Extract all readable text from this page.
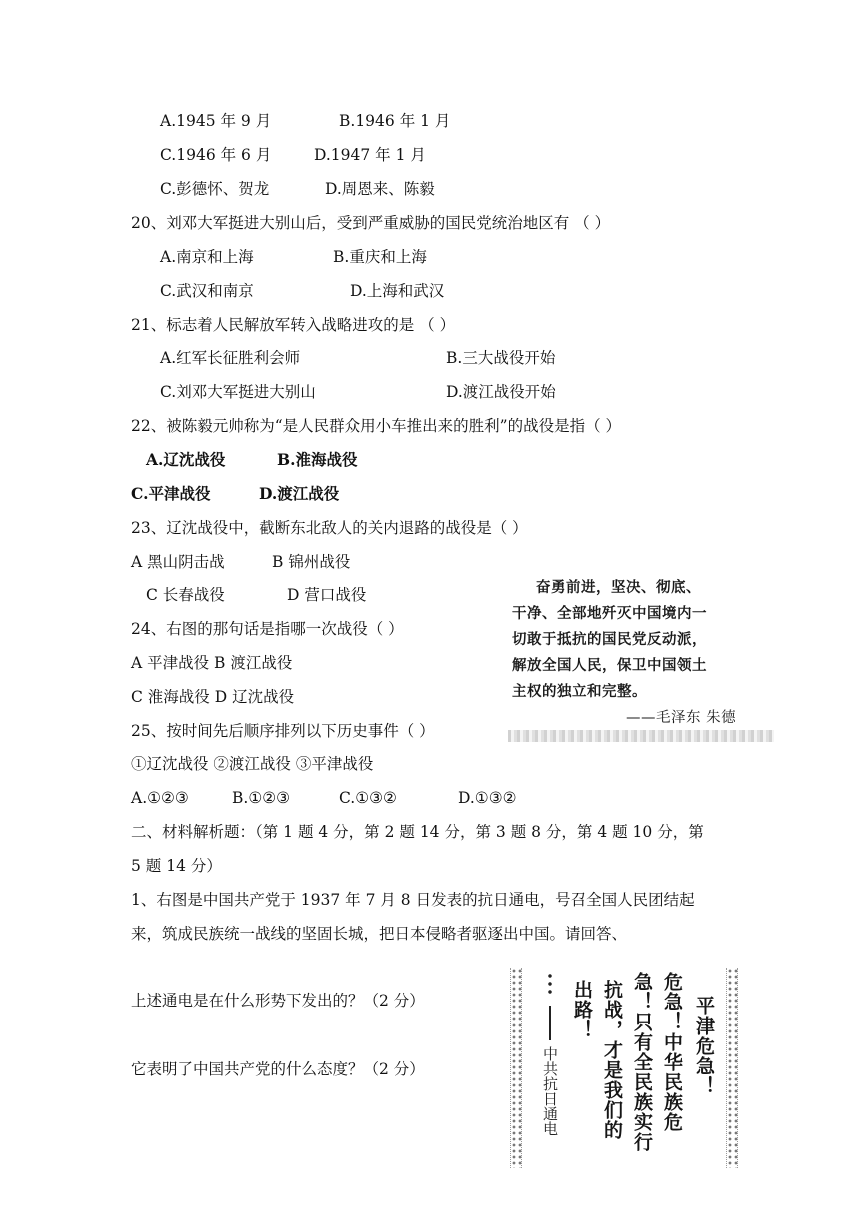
A.1945 年 9 月	B.1946 年 1 月
C.1946 年 6 月	D.1947 年 1 月
C.彭德怀、贺龙	D.周恩来、陈毅
20、刘邓大军挺进大别山后，受到严重威胁的国民党统治地区有 （ ）
A.南京和上海	B.重庆和上海
C.武汉和南京	D.上海和武汉
21、标志着人民解放军转入战略进攻的是 （ ）
A.红军长征胜利会师	B.三大战役开始
C.刘邓大军挺进大别山	D.渡江战役开始
22、被陈毅元帅称为“是人民群众用小车推出来的胜利”的战役是指（ ）
A.辽沈战役	B.淮海战役
C.平津战役	D.渡江战役
23、辽沈战役中，截断东北敌人的关内退路的战役是（ ）
A 黑山阴击战	B 锦州战役
C 长春战役	D 营口战役
24、右图的那句话是指哪一次战役（ ）
A 平津战役 B 渡江战役
C 淮海战役 D 辽沈战役
25、按时间先后顺序排列以下历史事件（ ）
①辽沈战役 ②渡江战役 ③平津战役
A.①②③	B.①②③	C.①③②	D.①③②
二、材料解析题：（第 1 题 4 分，第 2 题 14 分，第 3 题 8 分，第 4 题 10 分，第
5 题 14 分）
1、右图是中国共产党于 1937 年 7 月 8 日发表的抗日通电，号召全国人民团结起
来，筑成民族统一战线的坚固长城，把日本侵略者驱逐出中国。请回答、
上述通电是在什么形势下发出的？（2 分）
它表明了中国共产党的什么态度？（2 分）
奋勇前进，坚决、彻底、
干净、全部地歼灭中国境内一
切敢于抵抗的国民党反动派，
解放全国人民，保卫中国领土
主权的独立和完整。
——毛泽东 朱德
中共抗日通电	平津危急！
危急！中华民族危
急！只有全民族实行
抗战，才是我们的
出路！
